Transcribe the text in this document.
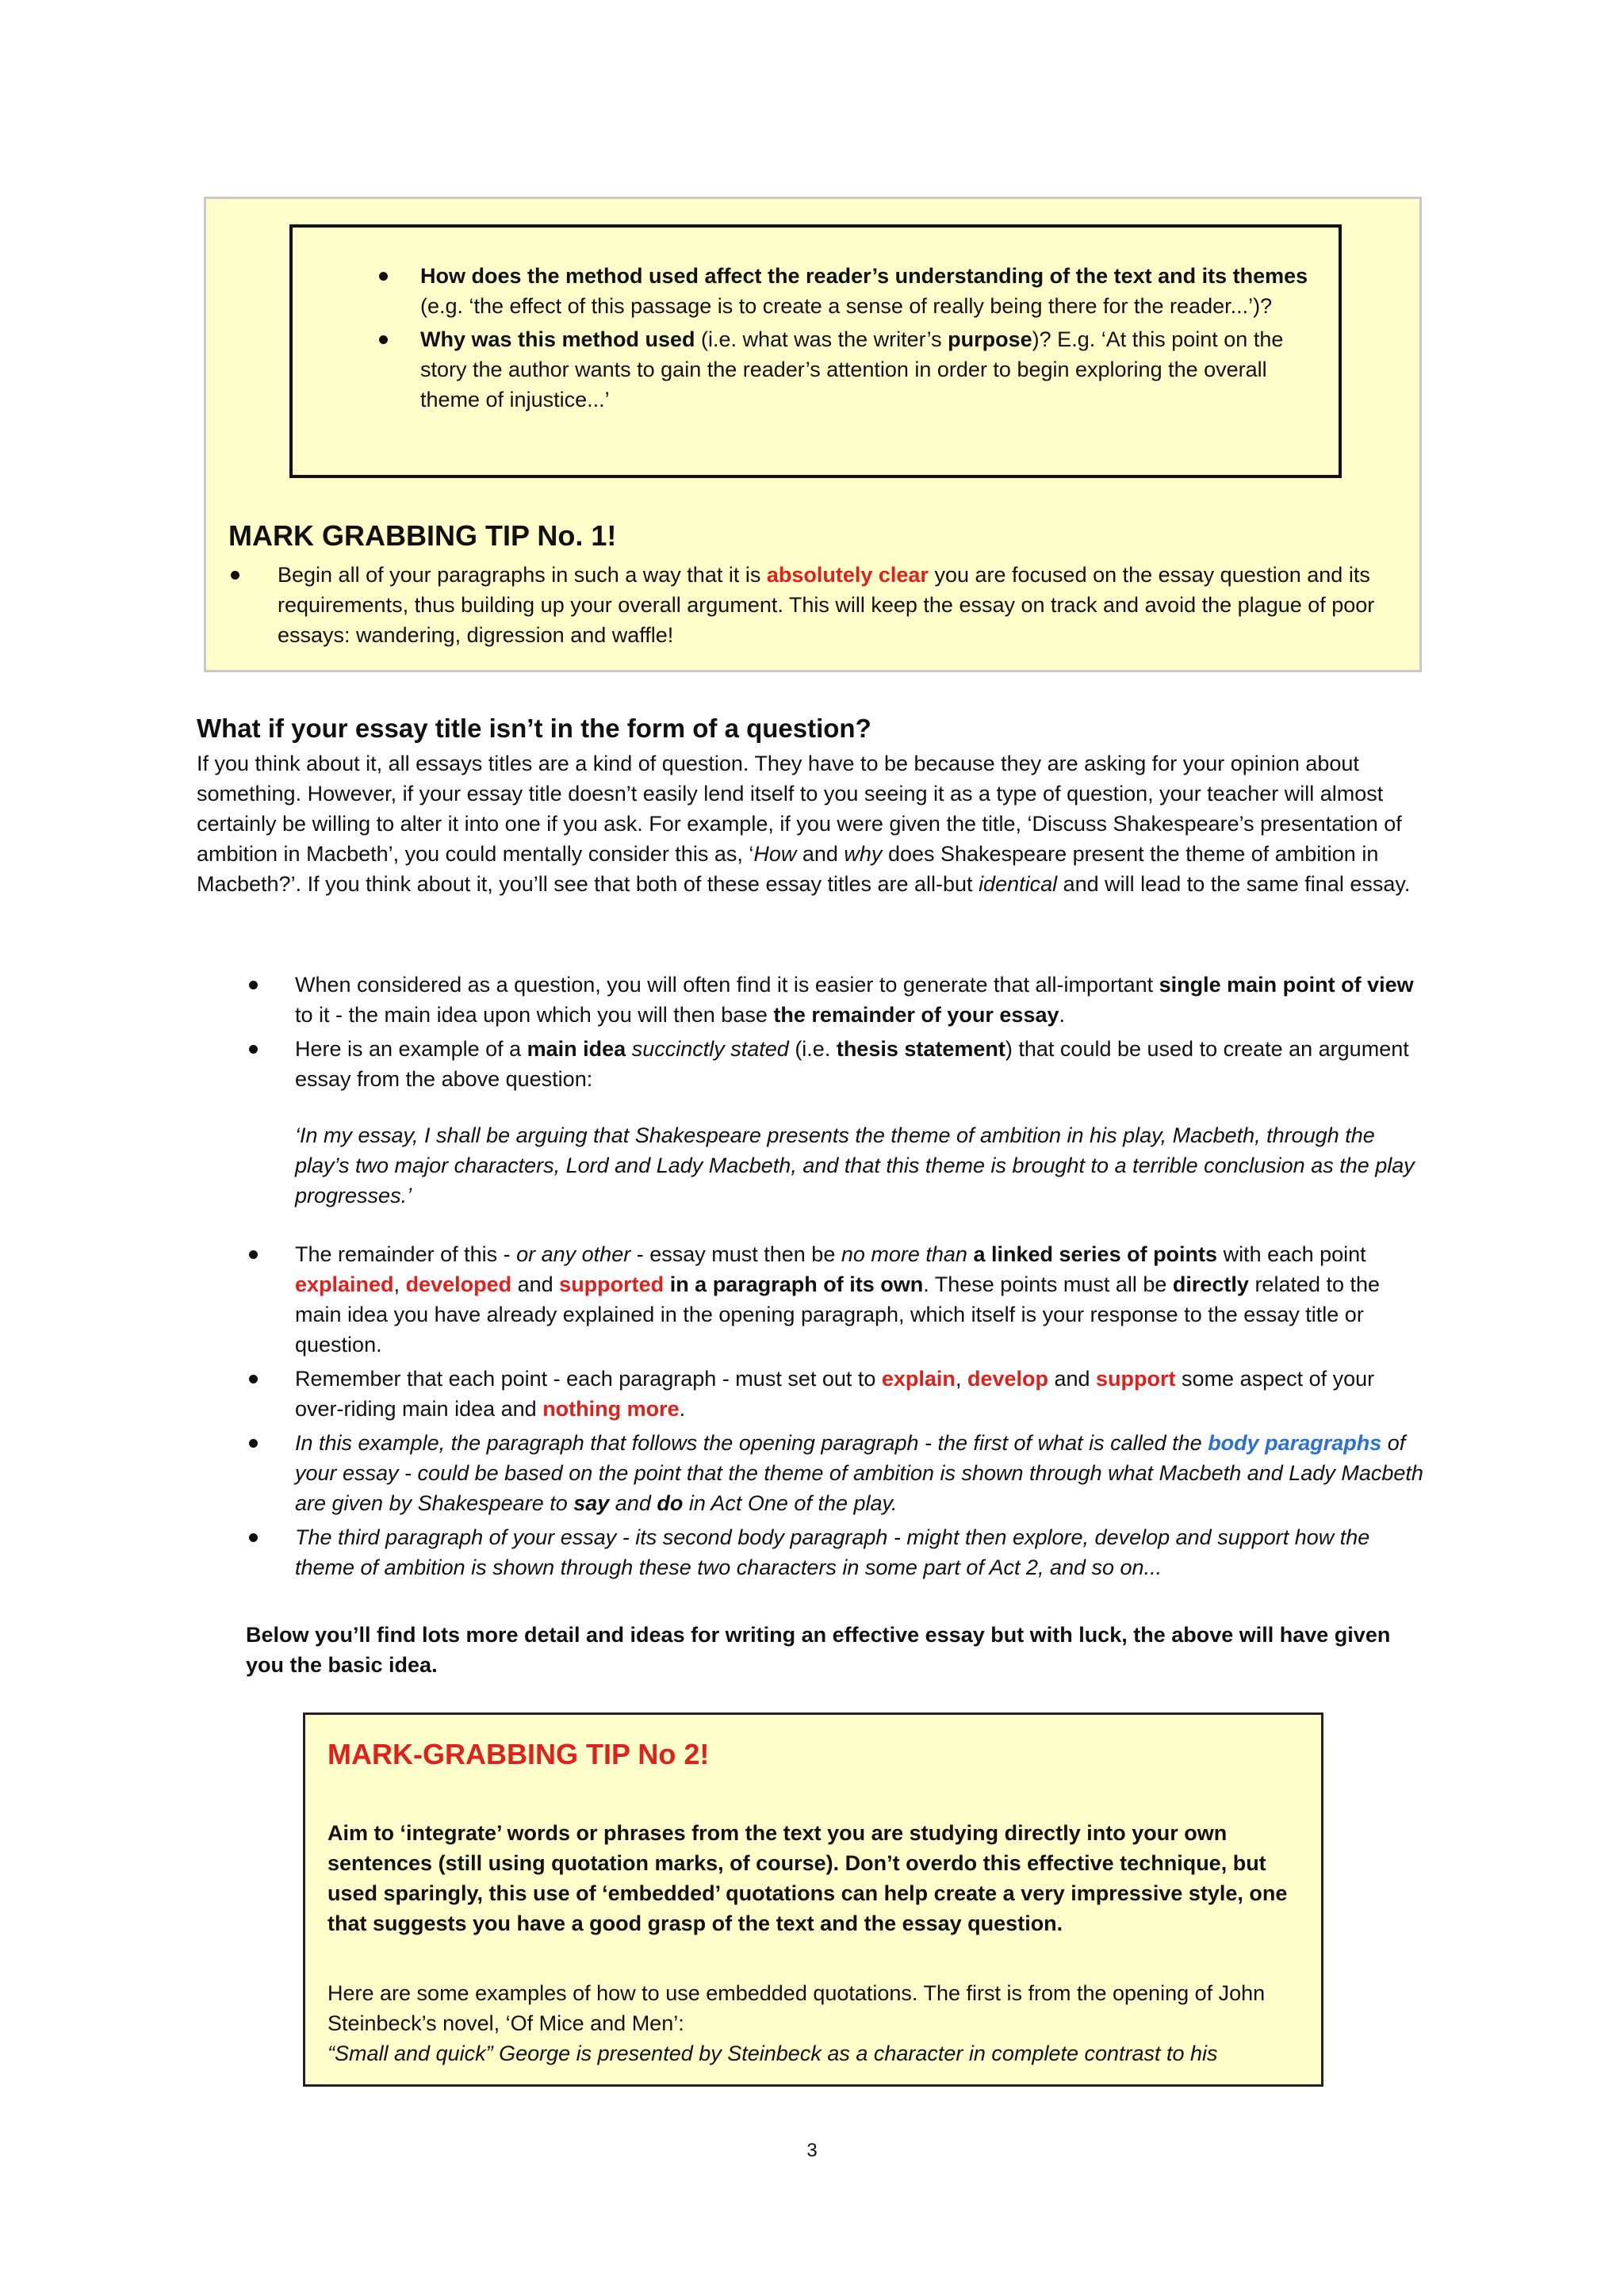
How does the method used affect the reader’s understanding of the text and its themes (e.g. ‘the effect of this passage is to create a sense of really being there for the reader...’)?
Why was this method used (i.e. what was the writer’s purpose)? E.g. ‘At this point on the story the author wants to gain the reader’s attention in order to begin exploring the overall theme of injustice...’
MARK GRABBING TIP No. 1!
Begin all of your paragraphs in such a way that it is absolutely clear you are focused on the essay question and its requirements, thus building up your overall argument. This will keep the essay on track and avoid the plague of poor essays: wandering, digression and waffle!
What if your essay title isn’t in the form of a question?

If you think about it, all essays titles are a kind of question. They have to be because they are asking for your opinion about something. However, if your essay title doesn’t easily lend itself to you seeing it as a type of question, your teacher will almost certainly be willing to alter it into one if you ask. For example, if you were given the title, ‘Discuss Shakespeare’s presentation of ambition in Macbeth’, you could mentally consider this as, ‘How and why does Shakespeare present the theme of ambition in Macbeth?’. If you think about it, you’ll see that both of these essay titles are all-but identical and will lead to the same final essay.

When considered as a question, you will often find it is easier to generate that all-important single main point of view to it - the main idea upon which you will then base the remainder of your essay.
Here is an example of a main idea succinctly stated (i.e. thesis statement) that could be used to create an argument essay from the above question:
‘In my essay, I shall be arguing that Shakespeare presents the theme of ambition in his play, Macbeth, through the play’s two major characters, Lord and Lady Macbeth, and that this theme is brought to a terrible conclusion as the play progresses.’
The remainder of this - or any other - essay must then be no more than a linked series of points with each point explained, developed and supported in a paragraph of its own. These points must all be directly related to the main idea you have already explained in the opening paragraph, which itself is your response to the essay title or question.
Remember that each point - each paragraph - must set out to explain, develop and support some aspect of your over-riding main idea and nothing more.
In this example, the paragraph that follows the opening paragraph - the first of what is called the body paragraphs of your essay - could be based on the point that the theme of ambition is shown through what Macbeth and Lady Macbeth are given by Shakespeare to say and do in Act One of the play.
The third paragraph of your essay - its second body paragraph - might then explore, develop and support how the theme of ambition is shown through these two characters in some part of Act 2, and so on...

Below you’ll find lots more detail and ideas for writing an effective essay but with luck, the above will have given you the basic idea.

MARK-GRABBING TIP No 2!

Aim to ‘integrate’ words or phrases from the text you are studying directly into your own sentences (still using quotation marks, of course). Don’t overdo this effective technique, but used sparingly, this use of ‘embedded’ quotations can help create a very impressive style, one that suggests you have a good grasp of the text and the essay question.

Here are some examples of how to use embedded quotations. The first is from the opening of John Steinbeck’s novel, ‘Of Mice and Men’:
“Small and quick” George is presented by Steinbeck as a character in complete contrast to his

3
